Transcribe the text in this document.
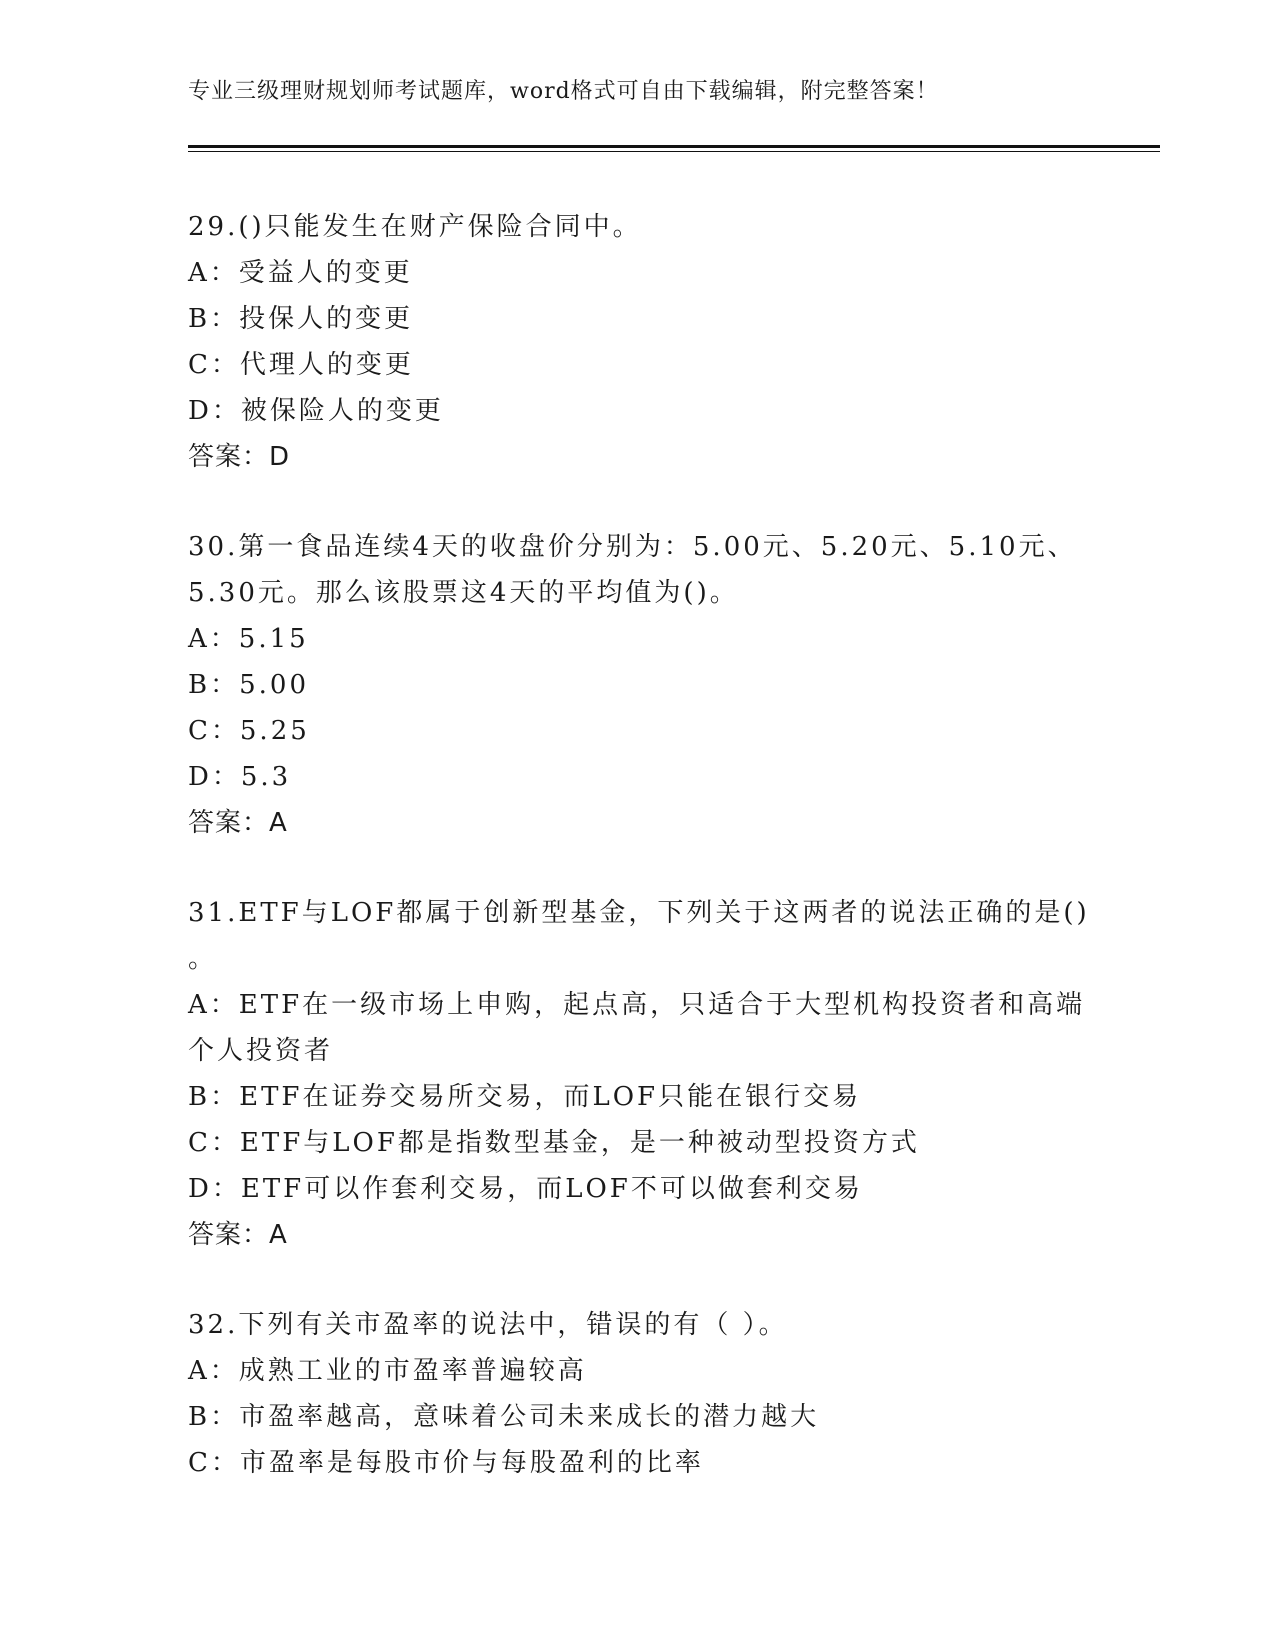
专业三级理财规划师考试题库，word格式可自由下载编辑，附完整答案！
29.()只能发生在财产保险合同中。
A：受益人的变更
B：投保人的变更
C：代理人的变更
D：被保险人的变更
答案：D
30.第一食品连续4天的收盘价分别为：5.00元、5.20元、5.10元、
5.30元。那么该股票这4天的平均值为()。
A：5.15
B：5.00
C：5.25
D：5.3
答案：A
31.ETF与LOF都属于创新型基金，下列关于这两者的说法正确的是()
。
A：ETF在一级市场上申购，起点高，只适合于大型机构投资者和高端
个人投资者
B：ETF在证券交易所交易，而LOF只能在银行交易
C：ETF与LOF都是指数型基金，是一种被动型投资方式
D：ETF可以作套利交易，而LOF不可以做套利交易
答案：A
32.下列有关市盈率的说法中，错误的有（ ）。
A：成熟工业的市盈率普遍较高
B：市盈率越高，意味着公司未来成长的潜力越大
C：市盈率是每股市价与每股盈利的比率
